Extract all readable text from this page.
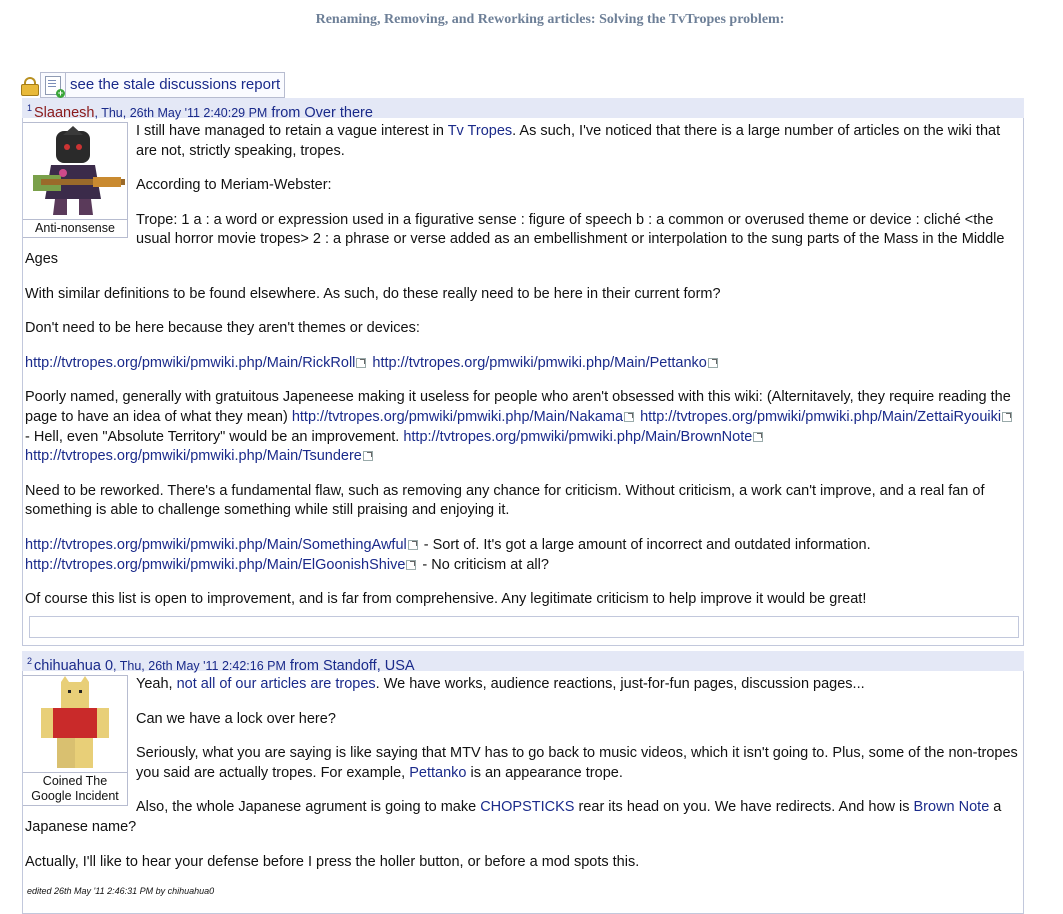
Renaming, Removing, and Reworking articles: Solving the TvTropes problem:
+ see the stale discussions report
$^1$ Slaanesh, Thu, 26th May '11 2:40:29 PM from Over there
Anti-nonsense

I still have managed to retain a vague interest in Tv Tropes. As such, I've noticed that there is a large number of articles on the wiki that are not, strictly speaking, tropes.

According to Meriam-Webster:

Trope: 1 a : a word or expression used in a figurative sense : figure of speech b : a common or overused theme or device : cliché <the usual horror movie tropes> 2 : a phrase or verse added as an embellishment or interpolation to the sung parts of the Mass in the Middle Ages

With similar definitions to be found elsewhere. As such, do these really need to be here in their current form?

Don't need to be here because they aren't themes or devices:

http://tvtropes.org/pmwiki/pmwiki.php/Main/RickRoll http://tvtropes.org/pmwiki/pmwiki.php/Main/Pettanko

Poorly named, generally with gratuitous Japeneese making it useless for people who aren't obsessed with this wiki: (Alternitavely, they require reading the page to have an idea of what they mean) http://tvtropes.org/pmwiki/pmwiki.php/Main/Nakama http://tvtropes.org/pmwiki/pmwiki.php/Main/ZettaiRyouiki - Hell, even "Absolute Territory" would be an improvement. http://tvtropes.org/pmwiki/pmwiki.php/Main/BrownNote http://tvtropes.org/pmwiki/pmwiki.php/Main/Tsundere

Need to be reworked. There's a fundamental flaw, such as removing any chance for criticism. Without criticism, a work can't improve, and a real fan of something is able to challenge something while still praising and enjoying it.

http://tvtropes.org/pmwiki/pmwiki.php/Main/SomethingAwful - Sort of. It's got a large amount of incorrect and outdated information. http://tvtropes.org/pmwiki/pmwiki.php/Main/ElGoonishShive - No criticism at all?

Of course this list is open to improvement, and is far from comprehensive. Any legitimate criticism to help improve it would be great!

$^2$ chihuahua 0, Thu, 26th May '11 2:42:16 PM from Standoff, USA
Coined The Google Incident

Yeah, not all of our articles are tropes. We have works, audience reactions, just-for-fun pages, discussion pages...

Can we have a lock over here?

Seriously, what you are saying is like saying that MTV has to go back to music videos, which it isn't going to. Plus, some of the non-tropes you said are actually tropes. For example, Pettanko is an appearance trope.

Also, the whole Japanese agrument is going to make CHOPSTICKS rear its head on you. We have redirects. And how is Brown Note a Japanese name?

Actually, I'll like to hear your defense before I press the holler button, or before a mod spots this.

edited 26th May '11 2:46:31 PM by chihuahua0
